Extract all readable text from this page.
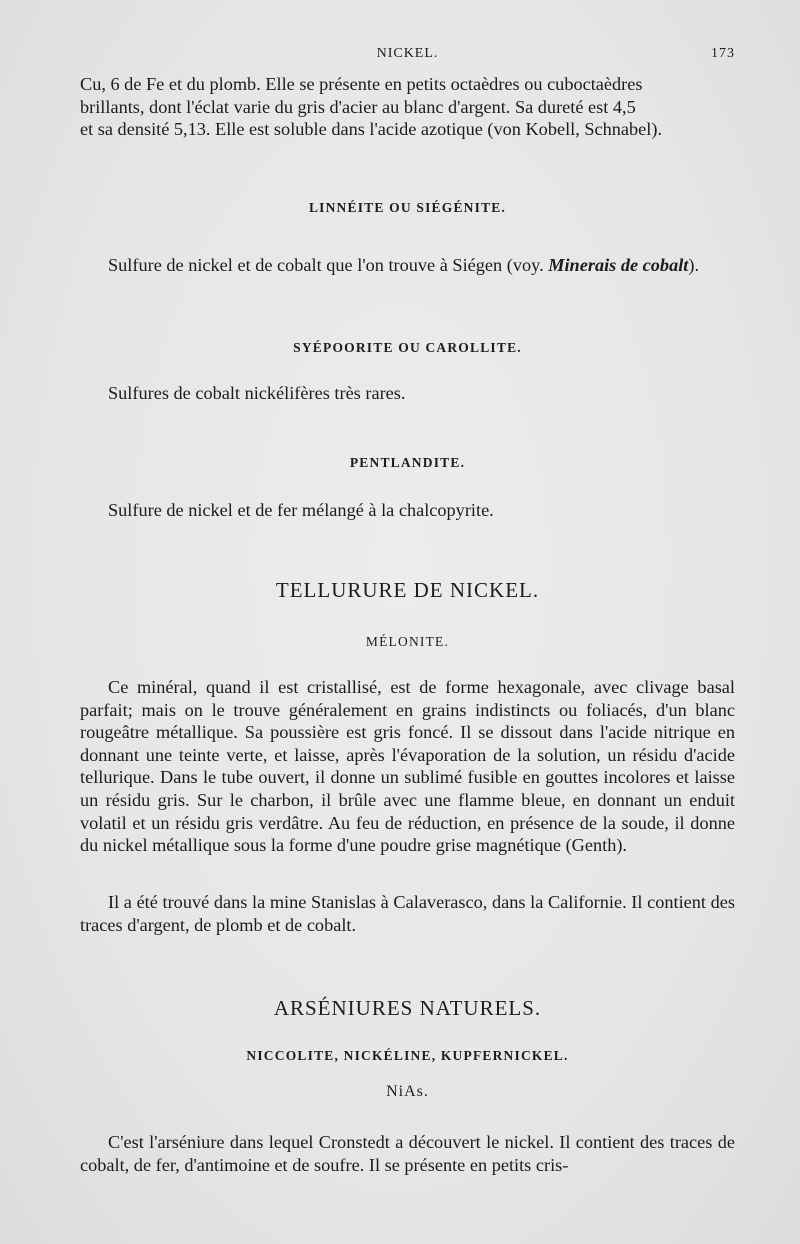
NICKEL.	173

Cu, 6 de Fe et du plomb. Elle se présente en petits octaèdres ou cuboctaèdres

brillants, dont l'éclat varie du gris d'acier au blanc d'argent. Sa dureté est 4,5

et sa densité 5,13. Elle est soluble dans l'acide azotique (von Kobell, Schnabel).

LINNÉITE OU SIÉGÉNITE.

Sulfure de nickel et de cobalt que l'on trouve à Siégen (voy. Minerais de cobalt).

SYÉPOORITE OU CAROLLITE.
Sulfures de cobalt nickélifères très rares.
PENTLANDITE.
Sulfure de nickel et de fer mélangé à la chalcopyrite.
TELLURURE DE NICKEL.
MÉLONITE.
Ce minéral, quand il est cristallisé, est de forme hexagonale, avec clivage basal parfait; mais on le trouve généralement en grains indistincts ou foliacés, d'un blanc rougeâtre métallique. Sa poussière est gris foncé. Il se dissout dans l'acide nitrique en donnant une teinte verte, et laisse, après l'évaporation de la solution, un résidu d'acide tellurique. Dans le tube ouvert, il donne un sublimé fusible en gouttes incolores et laisse un résidu gris. Sur le charbon, il brûle avec une flamme bleue, en donnant un enduit volatil et un résidu gris verdâtre. Au feu de réduction, en présence de la soude, il donne du nickel métallique sous la forme d'une poudre grise magnétique (Genth).
Il a été trouvé dans la mine Stanislas à Calaverasco, dans la Californie. Il contient des traces d'argent, de plomb et de cobalt.
ARSÉNIURES NATURELS.
NICCOLITE, NICKÉLINE, KUPFERNICKEL.
NiAs.
C'est l'arséniure dans lequel Cronstedt a découvert le nickel. Il contient des traces de cobalt, de fer, d'antimoine et de soufre. Il se présente en petits cris-
